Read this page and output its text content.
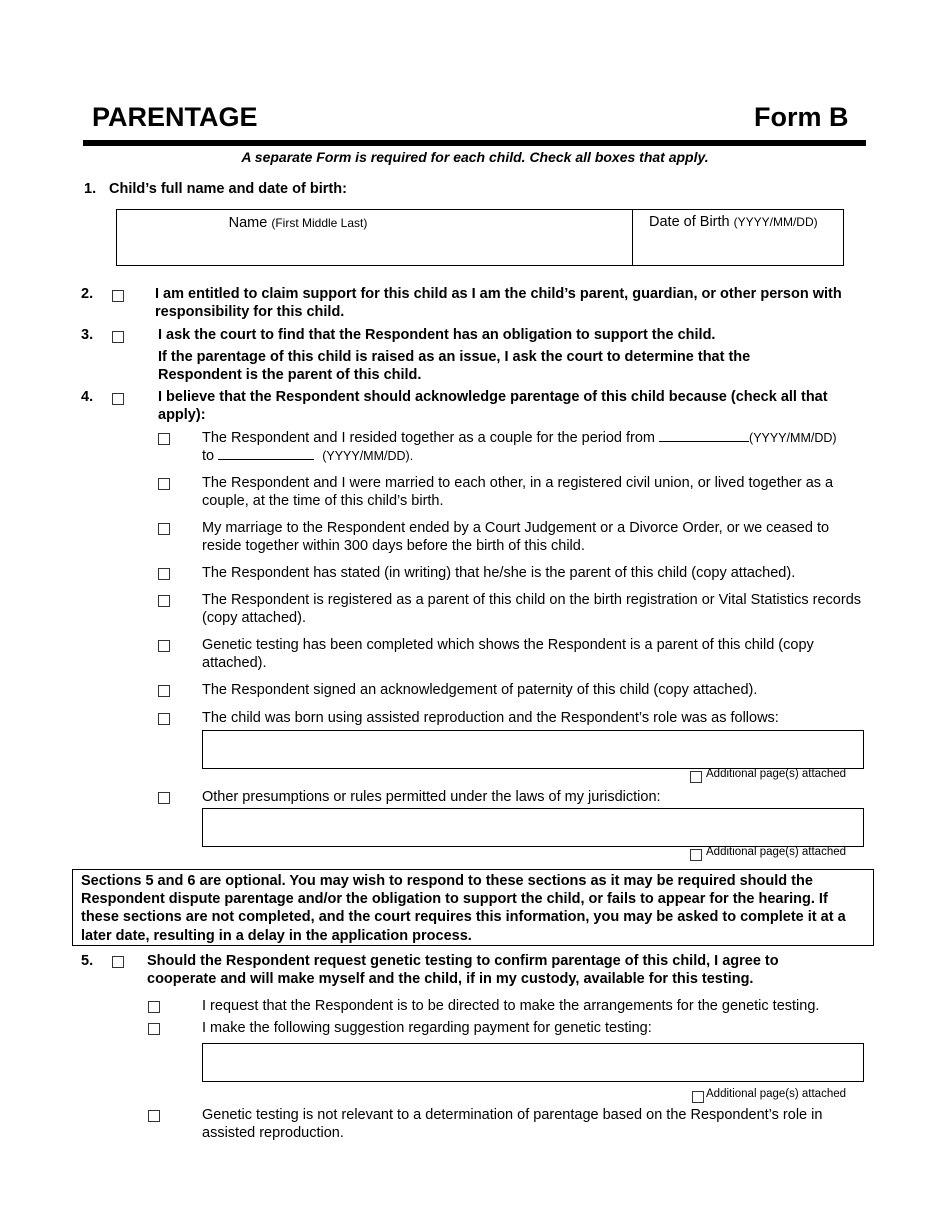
PARENTAGE	Form B
A separate Form is required for each child. Check all boxes that apply.
1. Child’s full name and date of birth:
Name (First Middle Last)	Date of Birth (YYYY/MM/DD)
2.	I am entitled to claim support for this child as I am the child’s parent, guardian, or other person with responsibility for this child.
3.	I ask the court to find that the Respondent has an obligation to support the child.
If the parentage of this child is raised as an issue, I ask the court to determine that the Respondent is the parent of this child.
4.	I believe that the Respondent should acknowledge parentage of this child because (check all that apply):
The Respondent and I resided together as a couple for the period from	(YYYY/MM/DD)
to	(YYYY/MM/DD).
The Respondent and I were married to each other, in a registered civil union, or lived together as a couple, at the time of this child’s birth.
My marriage to the Respondent ended by a Court Judgement or a Divorce Order, or we ceased to reside together within 300 days before the birth of this child.
The Respondent has stated (in writing) that he/she is the parent of this child (copy attached).
The Respondent is registered as a parent of this child on the birth registration or Vital Statistics records (copy attached).
Genetic testing has been completed which shows the Respondent is a parent of this child (copy attached).
The Respondent signed an acknowledgement of paternity of this child (copy attached).
The child was born using assisted reproduction and the Respondent’s role was as follows:
Additional page(s) attached
Other presumptions or rules permitted under the laws of my jurisdiction:
Additional page(s) attached
Sections 5 and 6 are optional. You may wish to respond to these sections as it may be required should the Respondent dispute parentage and/or the obligation to support the child, or fails to appear for the hearing. If these sections are not completed, and the court requires this information, you may be asked to complete it at a later date, resulting in a delay in the application process.
5.	Should the Respondent request genetic testing to confirm parentage of this child, I agree to cooperate and will make myself and the child, if in my custody, available for this testing.
I request that the Respondent is to be directed to make the arrangements for the genetic testing.
I make the following suggestion regarding payment for genetic testing:
Additional page(s) attached
Genetic testing is not relevant to a determination of parentage based on the Respondent’s role in assisted reproduction.
